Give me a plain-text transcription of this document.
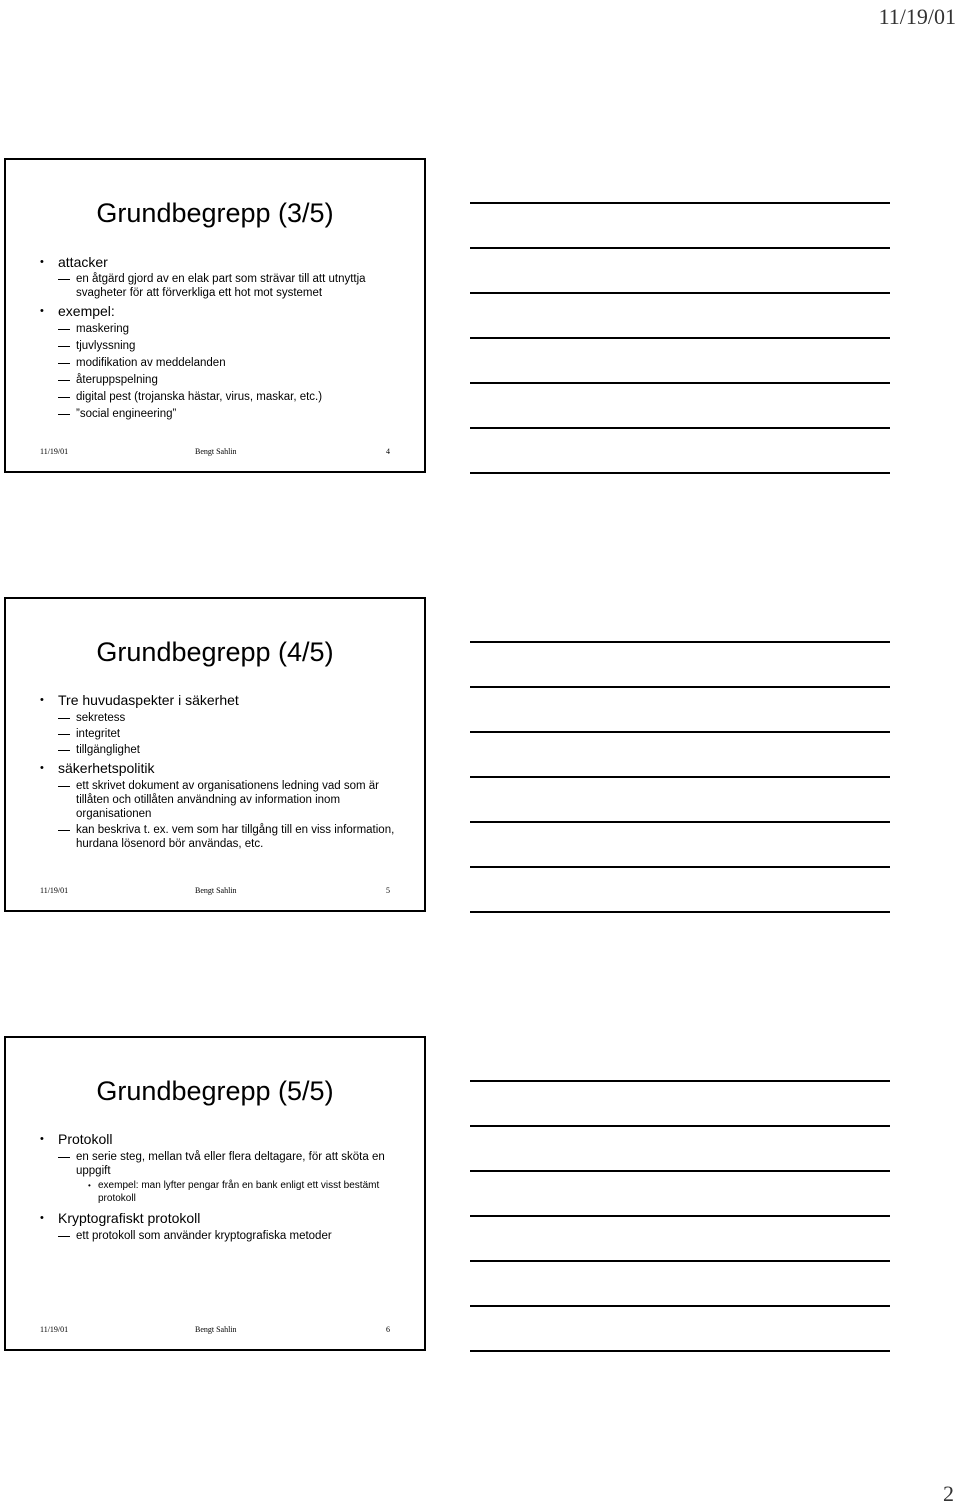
11/19/01
Grundbegrepp (3/5)
• attacker
en åtgärd gjord av en elak part som strävar till att utnyttja svagheter för att förverkliga ett hot mot systemet
• exempel:
maskering
tjuvlyssning
modifikation av meddelanden
återuppspelning
digital pest (trojanska hästar, virus, maskar, etc.)
”social engineering”
11/19/01	Bengt Sahlin	4
Grundbegrepp (4/5)
• Tre huvudaspekter i säkerhet
sekretess
integritet
tillgänglighet
• säkerhetspolitik
ett skrivet dokument av organisationens ledning vad som är tillåten och otillåten användning av information inom organisationen
kan beskriva t. ex. vem som har tillgång till en viss information, hurdana lösenord bör användas, etc.
11/19/01	Bengt Sahlin	5
Grundbegrepp (5/5)
• Protokoll
en serie steg, mellan två eller flera deltagare, för att sköta en uppgift
• exempel: man lyfter pengar från en bank enligt ett visst bestämt protokoll
• Kryptografiskt protokoll
ett protokoll som använder kryptografiska metoder
11/19/01	Bengt Sahlin	6
2
